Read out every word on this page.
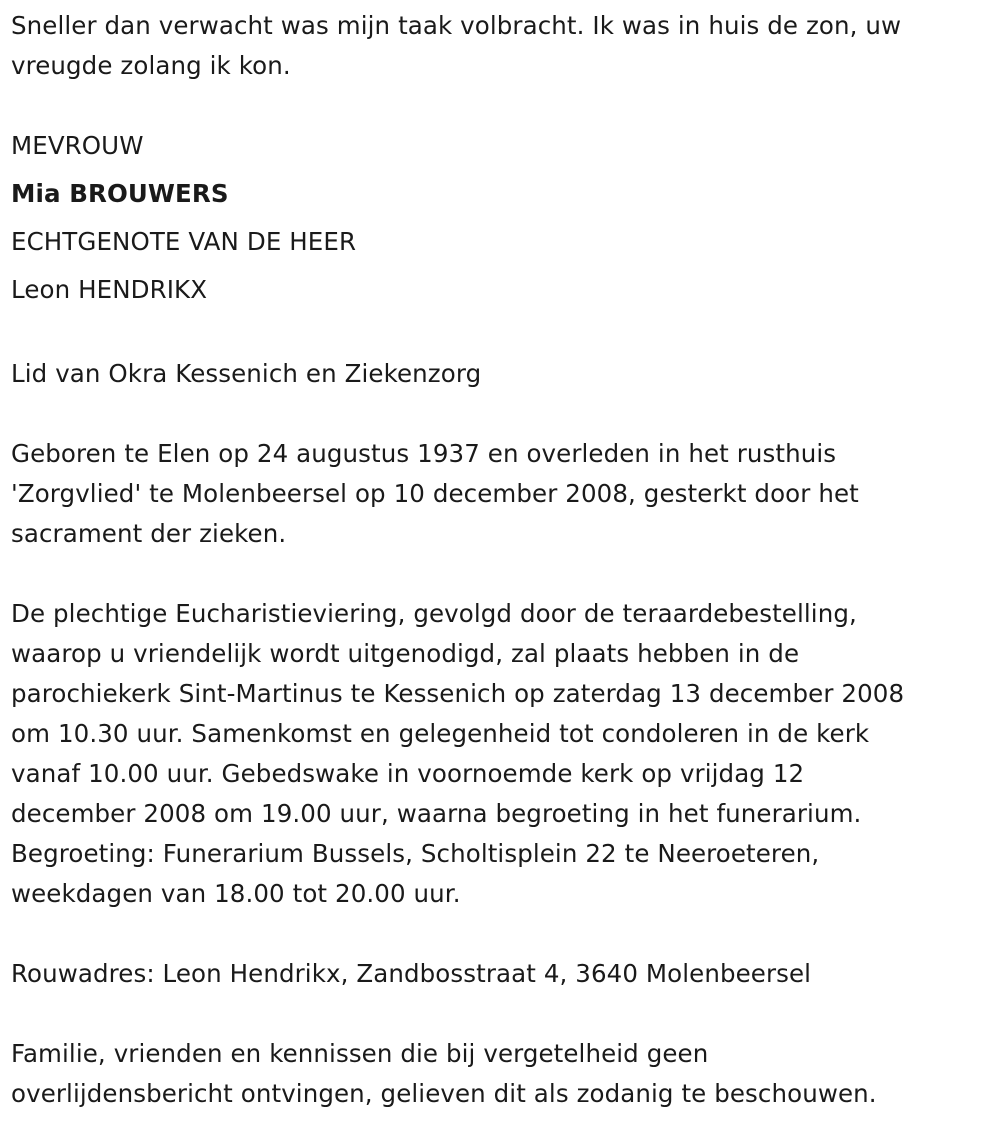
Sneller dan verwacht was mijn taak volbracht. Ik was in huis de zon, uw
vreugde zolang ik kon.

MEVROUW
Mia BROUWERS
ECHTGENOTE VAN DE HEER
Leon HENDRIKX

Lid van Okra Kessenich en Ziekenzorg

Geboren te Elen op 24 augustus 1937 en overleden in het rusthuis
'Zorgvlied' te Molenbeersel op 10 december 2008, gesterkt door het
sacrament der zieken.

De plechtige Eucharistieviering, gevolgd door de teraardebestelling,
waarop u vriendelijk wordt uitgenodigd, zal plaats hebben in de
parochiekerk Sint-Martinus te Kessenich op zaterdag 13 december 2008
om 10.30 uur. Samenkomst en gelegenheid tot condoleren in de kerk
vanaf 10.00 uur. Gebedswake in voornoemde kerk op vrijdag 12
december 2008 om 19.00 uur, waarna begroeting in het funerarium.
Begroeting: Funerarium Bussels, Scholtisplein 22 te Neeroeteren,
weekdagen van 18.00 tot 20.00 uur.

Rouwadres: Leon Hendrikx, Zandbosstraat 4, 3640 Molenbeersel

Familie, vrienden en kennissen die bij vergetelheid geen
overlijdensbericht ontvingen, gelieven dit als zodanig te beschouwen.
